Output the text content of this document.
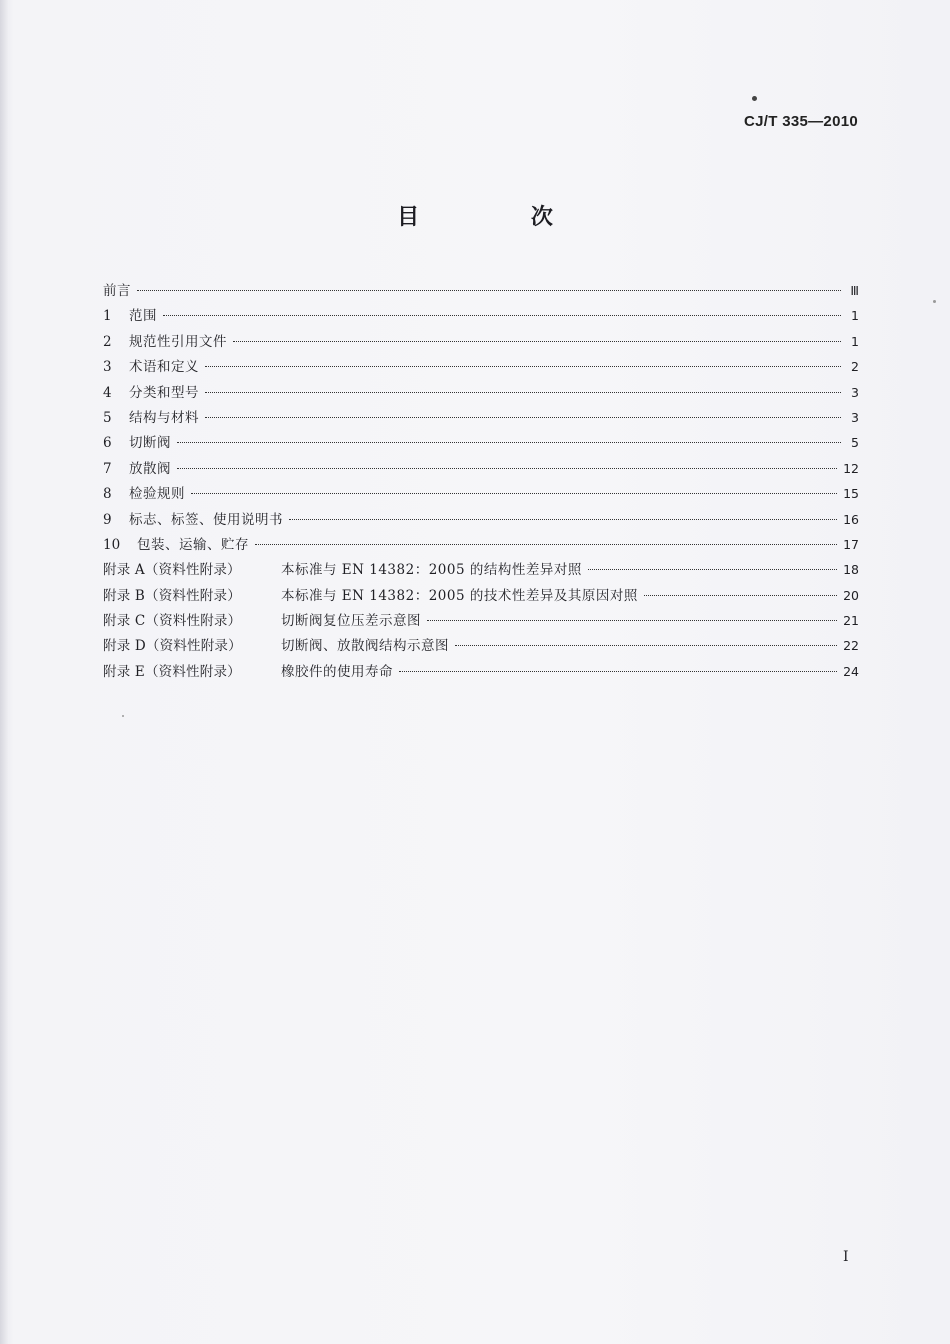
CJ/T 335—2010
目 次
前言	Ⅲ
1	范围	1
2	规范性引用文件	1
3	术语和定义	2
4	分类和型号	3
5	结构与材料	3
6	切断阀	5
7	放散阀	12
8	检验规则	15
9	标志、标签、使用说明书	16
10	包装、运输、贮存	17
附录 A（资料性附录）	本标准与 EN 14382：2005 的结构性差异对照	18
附录 B（资料性附录）	本标准与 EN 14382：2005 的技术性差异及其原因对照	20
附录 C（资料性附录）	切断阀复位压差示意图	21
附录 D（资料性附录）	切断阀、放散阀结构示意图	22
附录 E（资料性附录）	橡胶件的使用寿命	24
I
